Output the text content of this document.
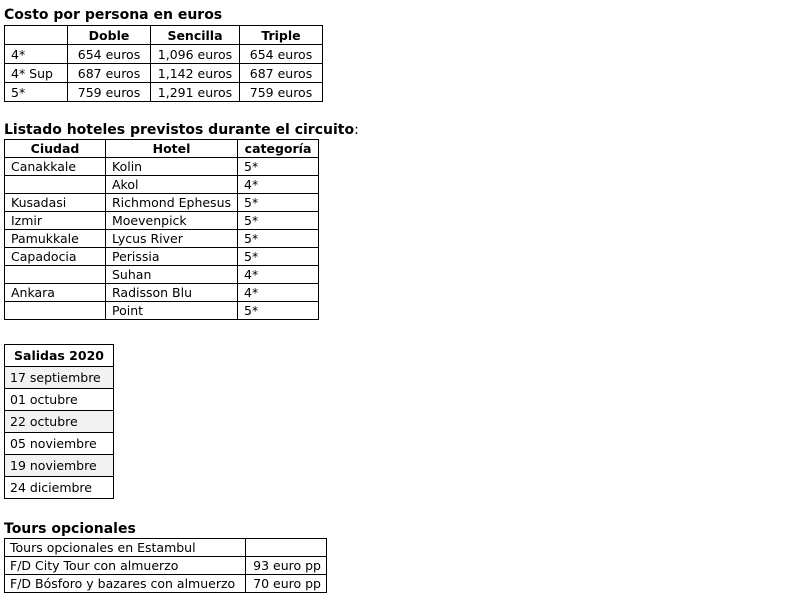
Costo por persona en euros
	Doble	Sencilla	Triple
4*	654 euros	1,096 euros	654 euros
4* Sup	687 euros	1,142 euros	687 euros
5*	759 euros	1,291 euros	759 euros
Listado hoteles previstos durante el circuito:
Ciudad	Hotel	categoría
Canakkale	Kolin	5*
	Akol	4*
Kusadasi	Richmond Ephesus	5*
Izmir	Moevenpick	5*
Pamukkale	Lycus River	5*
Capadocia	Perissia	5*
	Suhan	4*
Ankara	Radisson Blu	4*
	Point	5*
Salidas 2020
17 septiembre
01 octubre
22 octubre
05 noviembre
19 noviembre
24 diciembre
Tours opcionales
Tours opcionales en Estambul	
F/D City Tour con almuerzo	93 euro pp
F/D Bósforo y bazares con almuerzo	70 euro pp
